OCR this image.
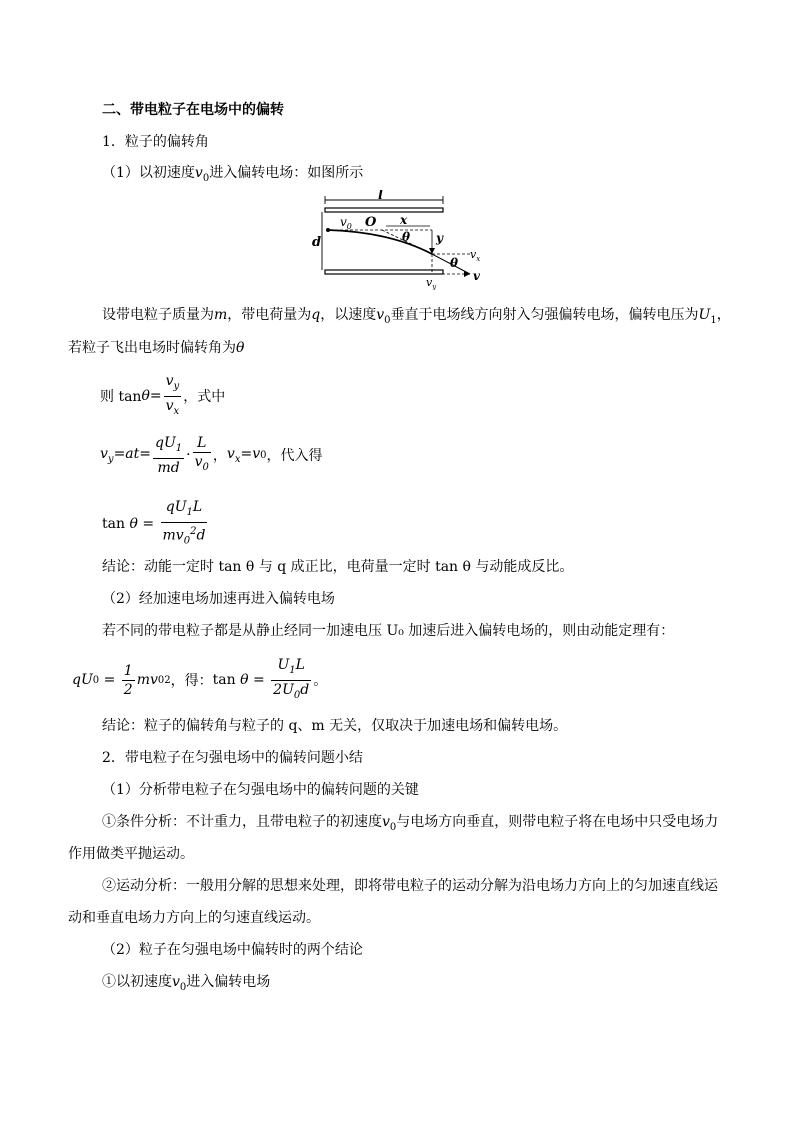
二、带电粒子在电场中的偏转
1．粒子的偏转角
（1）以初速度$v_0$进入偏转电场：如图所示
l
d
x
y
$v_0$ O
θ
θ
$v_x$
$v_y$
v
设带电粒子质量为m，带电荷量为q，以速度$v_0$垂直于电场线方向射入匀强偏转电场，偏转电压为$U_1$，
若粒子飞出电场时偏转角为θ
则 $\tan \theta = \frac{v_y}{v_x}$ ，式中
$v_y=at= \frac{qU_1}{md} \cdot \frac{L}{v_0}$ ， $v_x=v$ 0 ，代入得
$\tan \theta = \frac{qU_1L}{mv_0^2d}$
结论：动能一定时 tan θ 与 q 成正比，电荷量一定时 tan θ 与动能成反比。
（2）经加速电场加速再进入偏转电场
若不同的带电粒子都是从静止经同一加速电压 U₀ 加速后进入偏转电场的，则由动能定理有：
qU $0 = \frac{1}{2}$ mv 0 2 ，得： $\tan \theta = \frac{U_1L}{2U_0d}$ 。
结论：粒子的偏转角与粒子的 q、m 无关，仅取决于加速电场和偏转电场。
2．带电粒子在匀强电场中的偏转问题小结
（1）分析带电粒子在匀强电场中的偏转问题的关键
①条件分析：不计重力，且带电粒子的初速度$v_0$与电场方向垂直，则带电粒子将在电场中只受电场力
作用做类平抛运动。
②运动分析：一般用分解的思想来处理，即将带电粒子的运动分解为沿电场力方向上的匀加速直线运
动和垂直电场力方向上的匀速直线运动。
（2）粒子在匀强电场中偏转时的两个结论
①以初速度$v_0$进入偏转电场
